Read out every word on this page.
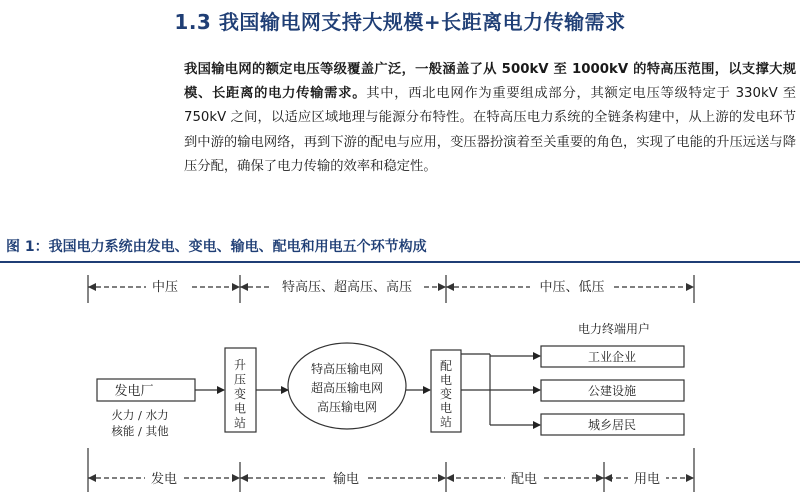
1.3 我国输电网支持大规模+长距离电力传输需求

我国输电网的额定电压等级覆盖广泛，一般涵盖了从 500kV 至 1000kV 的特高压范围，以支撑大规模、长距离的电力传输需求。其中，西北电网作为重要组成部分，其额定电压等级特定于 330kV 至 750kV 之间，以适应区域地理与能源分布特性。在特高压电力系统的全链条构建中，从上游的发电环节到中游的输电网络，再到下游的配电与应用，变压器扮演着至关重要的角色，实现了电能的升压远送与降压分配，确保了电力传输的效率和稳定性。

图 1：我国电力系统由发电、变电、输电、配电和用电五个环节构成
中压	特高压、超高压、高压	中压、低压
发电厂
火力 / 水力
核能 / 其他
升压变电站
特高压输电网
超高压输电网
高压输电网
配电变电站
电力终端用户
工业企业
公建设施
城乡居民
发电	输电	配电	用电
